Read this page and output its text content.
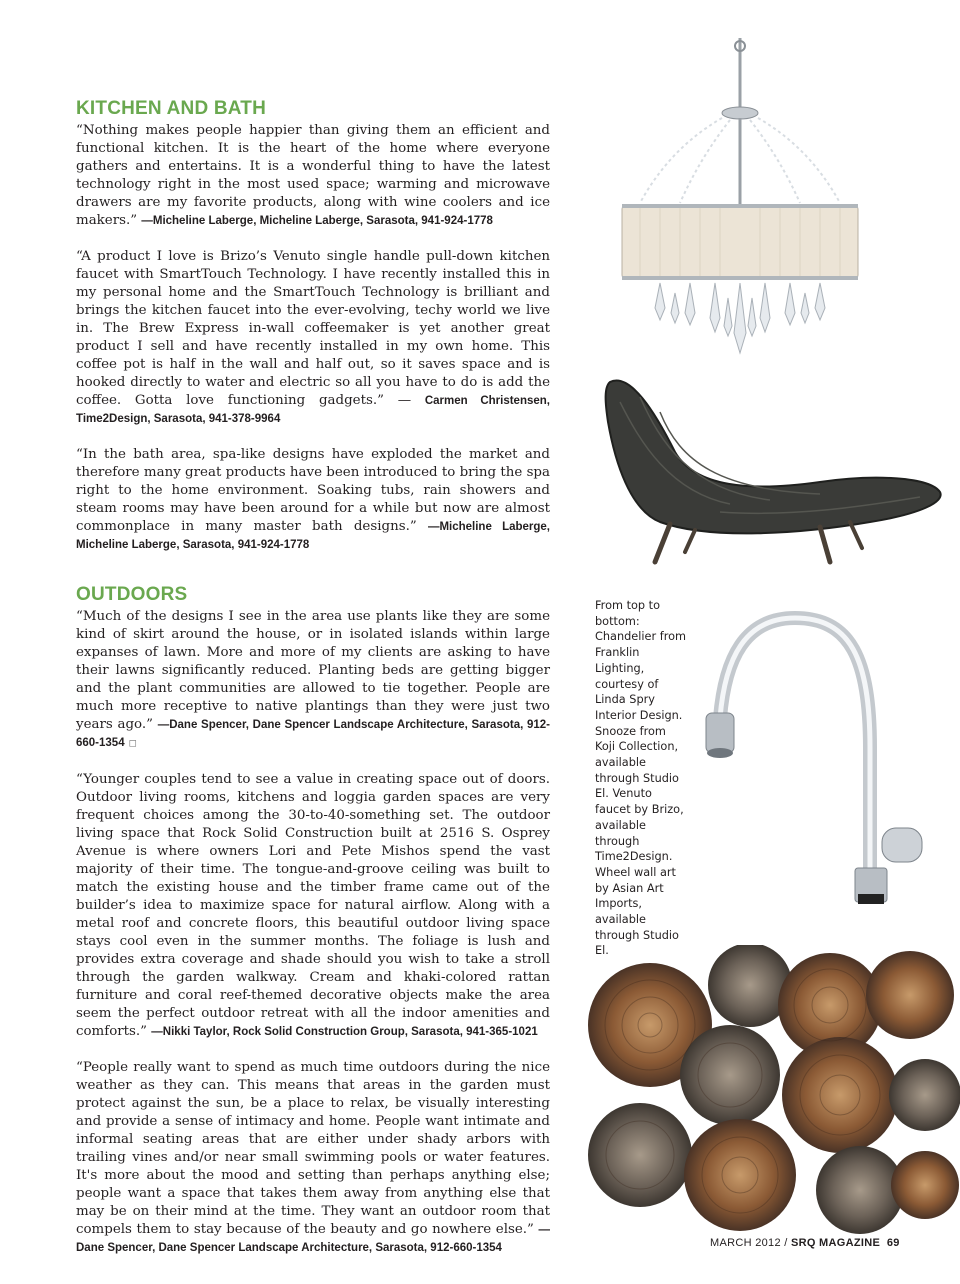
KITCHEN AND BATH

“Nothing makes people happier than giving them an efficient and functional kitchen. It is the heart of the home where everyone gathers and entertains. It is a wonderful thing to have the latest technology right in the most used space; warming and microwave drawers are my favorite products, along with wine coolers and ice makers.” —Micheline Laberge, Micheline Laberge, Sarasota, 941-924-1778

“A product I love is Brizo’s Venuto single handle pull-down kitchen faucet with SmartTouch Technology. I have recently installed this in my personal home and the SmartTouch Technology is brilliant and brings the kitchen faucet into the ever-evolving, techy world we live in. The Brew Express in-wall coffeemaker is yet another great product I sell and have recently installed in my own home. This coffee pot is half in the wall and half out, so it saves space and is hooked directly to water and electric so all you have to do is add the coffee. Gotta love functioning gadgets.” — Carmen Christensen, Time2Design, Sarasota, 941-378-9964

“In the bath area, spa-like designs have exploded the market and therefore many great products have been introduced to bring the spa right to the home environment. Soaking tubs, rain showers and steam rooms may have been around for a while but now are almost commonplace in many master bath designs.” —Micheline Laberge, Micheline Laberge, Sarasota, 941-924-1778

OUTDOORS

“Much of the designs I see in the area use plants like they are some kind of skirt around the house, or in isolated islands within large expanses of lawn. More and more of my clients are asking to have their lawns significantly reduced. Planting beds are getting bigger and the plant communities are allowed to tie together. People are much more receptive to native plantings than they were just two years ago.” —Dane Spencer, Dane Spencer Landscape Architecture, Sarasota, 912-660-1354 ◻

“Younger couples tend to see a value in creating space out of doors. Outdoor living rooms, kitchens and loggia garden spaces are very frequent choices among the 30-to-40-something set. The outdoor living space that Rock Solid Construction built at 2516 S. Osprey Avenue is where owners Lori and Pete Mishos spend the vast majority of their time. The tongue-and-groove ceiling was built to match the existing house and the timber frame came out of the builder’s idea to maximize space for natural airflow. Along with a metal roof and concrete floors, this beautiful outdoor living space stays cool even in the summer months. The foliage is lush and provides extra coverage and shade should you wish to take a stroll through the garden walkway. Cream and khaki-colored rattan furniture and coral reef-themed decorative objects make the area seem the perfect outdoor retreat with all the indoor amenities and comforts.” —Nikki Taylor, Rock Solid Construction Group, Sarasota, 941-365-1021

“People really want to spend as much time outdoors during the nice weather as they can. This means that areas in the garden must protect against the sun, be a place to relax, be visually interesting and provide a sense of intimacy and home. People want intimate and informal seating areas that are either under shady arbors with trailing vines and/or near small swimming pools or water features. It's more about the mood and setting than perhaps anything else; people want a space that takes them away from anything else that may be on their mind at the time. They want an outdoor room that compels them to stay because of the beauty and go nowhere else.” —Dane Spencer, Dane Spencer Landscape Architecture, Sarasota, 912-660-1354

From top to bottom: Chandelier from Franklin Lighting, courtesy of Linda Spry Interior Design. Snooze from Koji Collection, available through Studio El. Venuto faucet by Brizo, available through Time2Design. Wheel wall art by Asian Art Imports, available through Studio El.
MARCH 2012 / SRQ MAGAZINE 69
